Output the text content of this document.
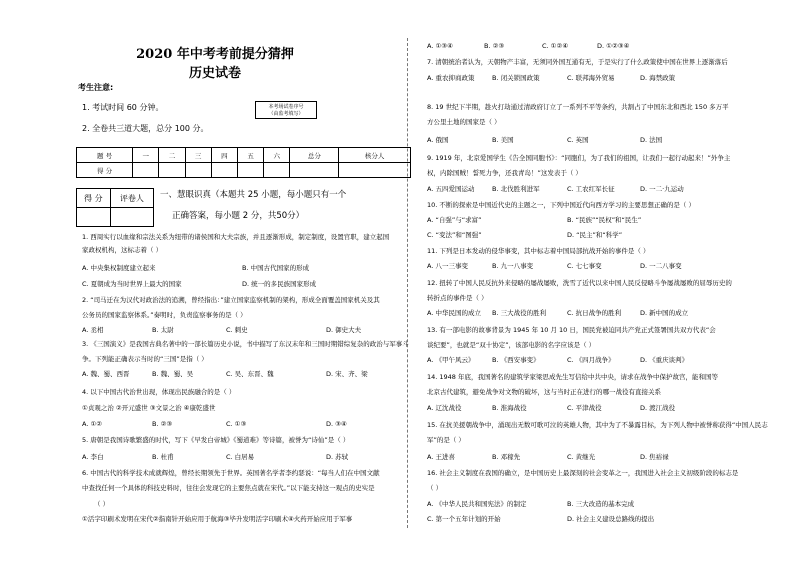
2020 年中考考前提分猜押
历史试卷
考生注意:
1. 考试时间 60 分钟。
2. 全卷共三道大题，总分 100 分。
本考场试卷序号
（由监考填写）
题 号	一	二	三	四	五	六	总分	核分人
得 分								
得 分	评卷人
	一、慧眼识真（本题共 25 小题，每小题只有一个
正确答案，每小题 2 分，共50分）
1. 西周实行以血缘和宗法关系为纽带的诸侯国和大夫宗族，并且逐渐形成，制定制度，设置官职，建立起国
家政权机构，这标志着（ ）
A. 中央集权制度建立起来	B. 中国古代国家的形成
C. 夏朝成为当时世界上最大的国家	D. 统一的多民族国家形成
2. “司马迁在为汉代对政治法的追溯，曾经指出：”建立国家监察机制的架构，形成全面覆盖国家机关及其
公务员的国家监察体系。”奏明时，负责监察事务的是（ ）
A. 丞相	B. 太尉	C. 刺史	D. 御史大夫
3. 《三国演义》是我国古典名著中的一部长篇历史小说，书中描写了东汉末年和三国时期错综复杂的政治与军事斗
争。下列能正确表示当时的“三国”是指（ ）
A. 魏、蜀、西晋	B. 魏、蜀、吴	C. 吴、东晋、魏	D. 宋、齐、梁
4. 以下中国古代治世出现，体现出民族融合的是（ ）
①贞观之治 ②开元盛世 ③文景之治 ④康乾盛世
A. ①②	B. ②③	C. ①③	D. ③④
5. 唐朝是我国诗歌繁盛的时代，写下《早发白帝城》《蜀道难》等诗篇，被誉为“诗仙”是（ ）
A. 李白	B. 杜甫	C. 白居易	D. 苏轼
6. 中国古代的科学技术成就辉煌，曾经长期领先于世界。英国著名学者李约瑟说：“每当人们在中国文献
中查找任何一个具体的科技史料时，往往会发现它的主要焦点就在宋代。”以下能支持这一观点的史实是
（ ）
①活字印刷术发明在宋代②指南针开始应用于航海③毕升发明活字印刷术④火药开始应用于军事
A. ①③④	B. ②③	C. ①②④	D. ①②③④
7. 清朝统治者认为，天朝物产丰富，无须同外国互通有无，于是实行了什么政策使中国在世界上逐渐落后
A. 重农抑商政策	B. 闭关锁国政策	C. 联邦海外贸易	D. 海禁政策
8. 19 世纪下半期，趁火打劫通过清政府订立了一系列不平等条约，共割占了中国东北和西北 150 多万平
方公里土地的国家是（ ）
A. 俄国	B. 美国	C. 英国	D. 法国
9. 1919 年，北京爱国学生《告全国同胞书》：“同胞们，为了我们的祖国，让我们一起行动起来！”外争主
权，内除国贼！誓死力争，还我青岛！”这发表于（ ）
A. 五四爱国运动	B. 北伐胜利进军	C. 工农红军长征	D. 一二·九运动
10. 不断的探索是中国近代史的主题之一，下列中国近代向西方学习的主要思想正确的是（ ）
A. “自强”与“求富”	B. “民族”“民权”和“民生”
C. “变法”和“图强”	D. “民主”和“科学”
11. 下列是日本发动的侵华事变，其中标志着中国局部抗战开始的事件是（ ）
A. 八一三事变	B. 九一八事变	C. 七七事变	D. 一二八事变
12. 扭转了中国人民反抗外来侵略的屡战屡败，洗雪了近代以来中国人民反侵略斗争屡战屡败的屈辱历史的
转折点的事件是（ ）
A. 中华民国的成立 B. 三大战役的胜利	C. 抗日战争的胜利	D. 新中国的成立
13. 有一部电影的故事背景为 1945 年 10 月 10 日，国民党被迫同共产党正式签署国共双方代表“会
谈纪要”，也就是“双十协定”，该部电影的名字应该是（ ）
A. 《甲午风云》	B. 《西安事变》	C. 《四月战争》	D. 《重庆谈判》
14. 1948 年底，我国著名的建筑学家梁思成先生写信给中共中央，请求在战争中保护故宫，能和国等
北京古代建筑，避免战争对文物的破坏，这与当时正在进行的哪一战役有直接关系
A. 辽沈战役	B. 淮海战役	C. 平津战役	D. 渡江战役
15. 在抗美援朝战争中，涌现出无数可歌可泣的英雄人物，其中为了不暴露目标，为下列人物中被誉称获得“中国人民志
军”的是（ ）
A. 王进喜	B. 邓稼先	C. 黄继光	D. 焦裕禄
16. 社会主义制度在我国的确立，是中国历史上最深刻的社会变革之一，我国进入社会主义初级阶段的标志是
（ ）
A. 《中华人民共和国宪法》的制定	B. 三大改造的基本完成
C. 第一个五年计划的开始	D. 社会主义建设总路线的提出
